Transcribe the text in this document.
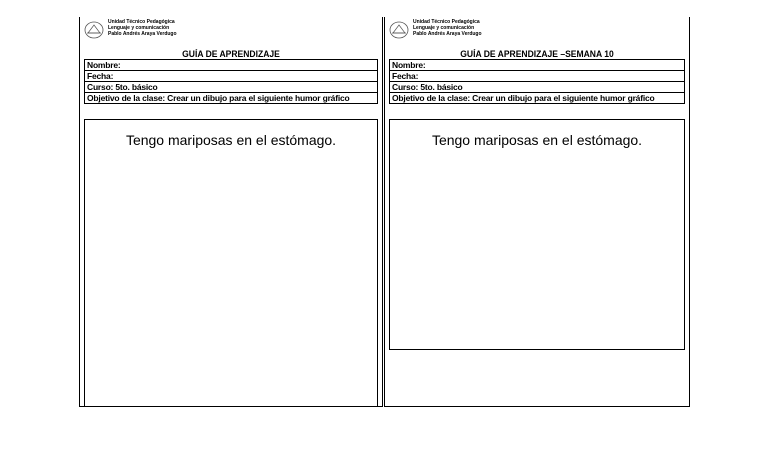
Unidad Técnico Pedagógica
Lenguaje y comunicación
Pablo Andrés Araya Verdugo
GUÍA DE APRENDIZAJE
Nombre:
Fecha:
Curso: 5to. básico
Objetivo de la clase: Crear un dibujo para el siguiente humor gráfico
Tengo mariposas en el estómago.
Unidad Técnico Pedagógica
Lenguaje y comunicación
Pablo Andrés Araya Verdugo
GUÍA DE APRENDIZAJE –SEMANA 10
Nombre:
Fecha:
Curso: 5to. básico
Objetivo de la clase: Crear un dibujo para el siguiente humor gráfico
Tengo mariposas en el estómago.
